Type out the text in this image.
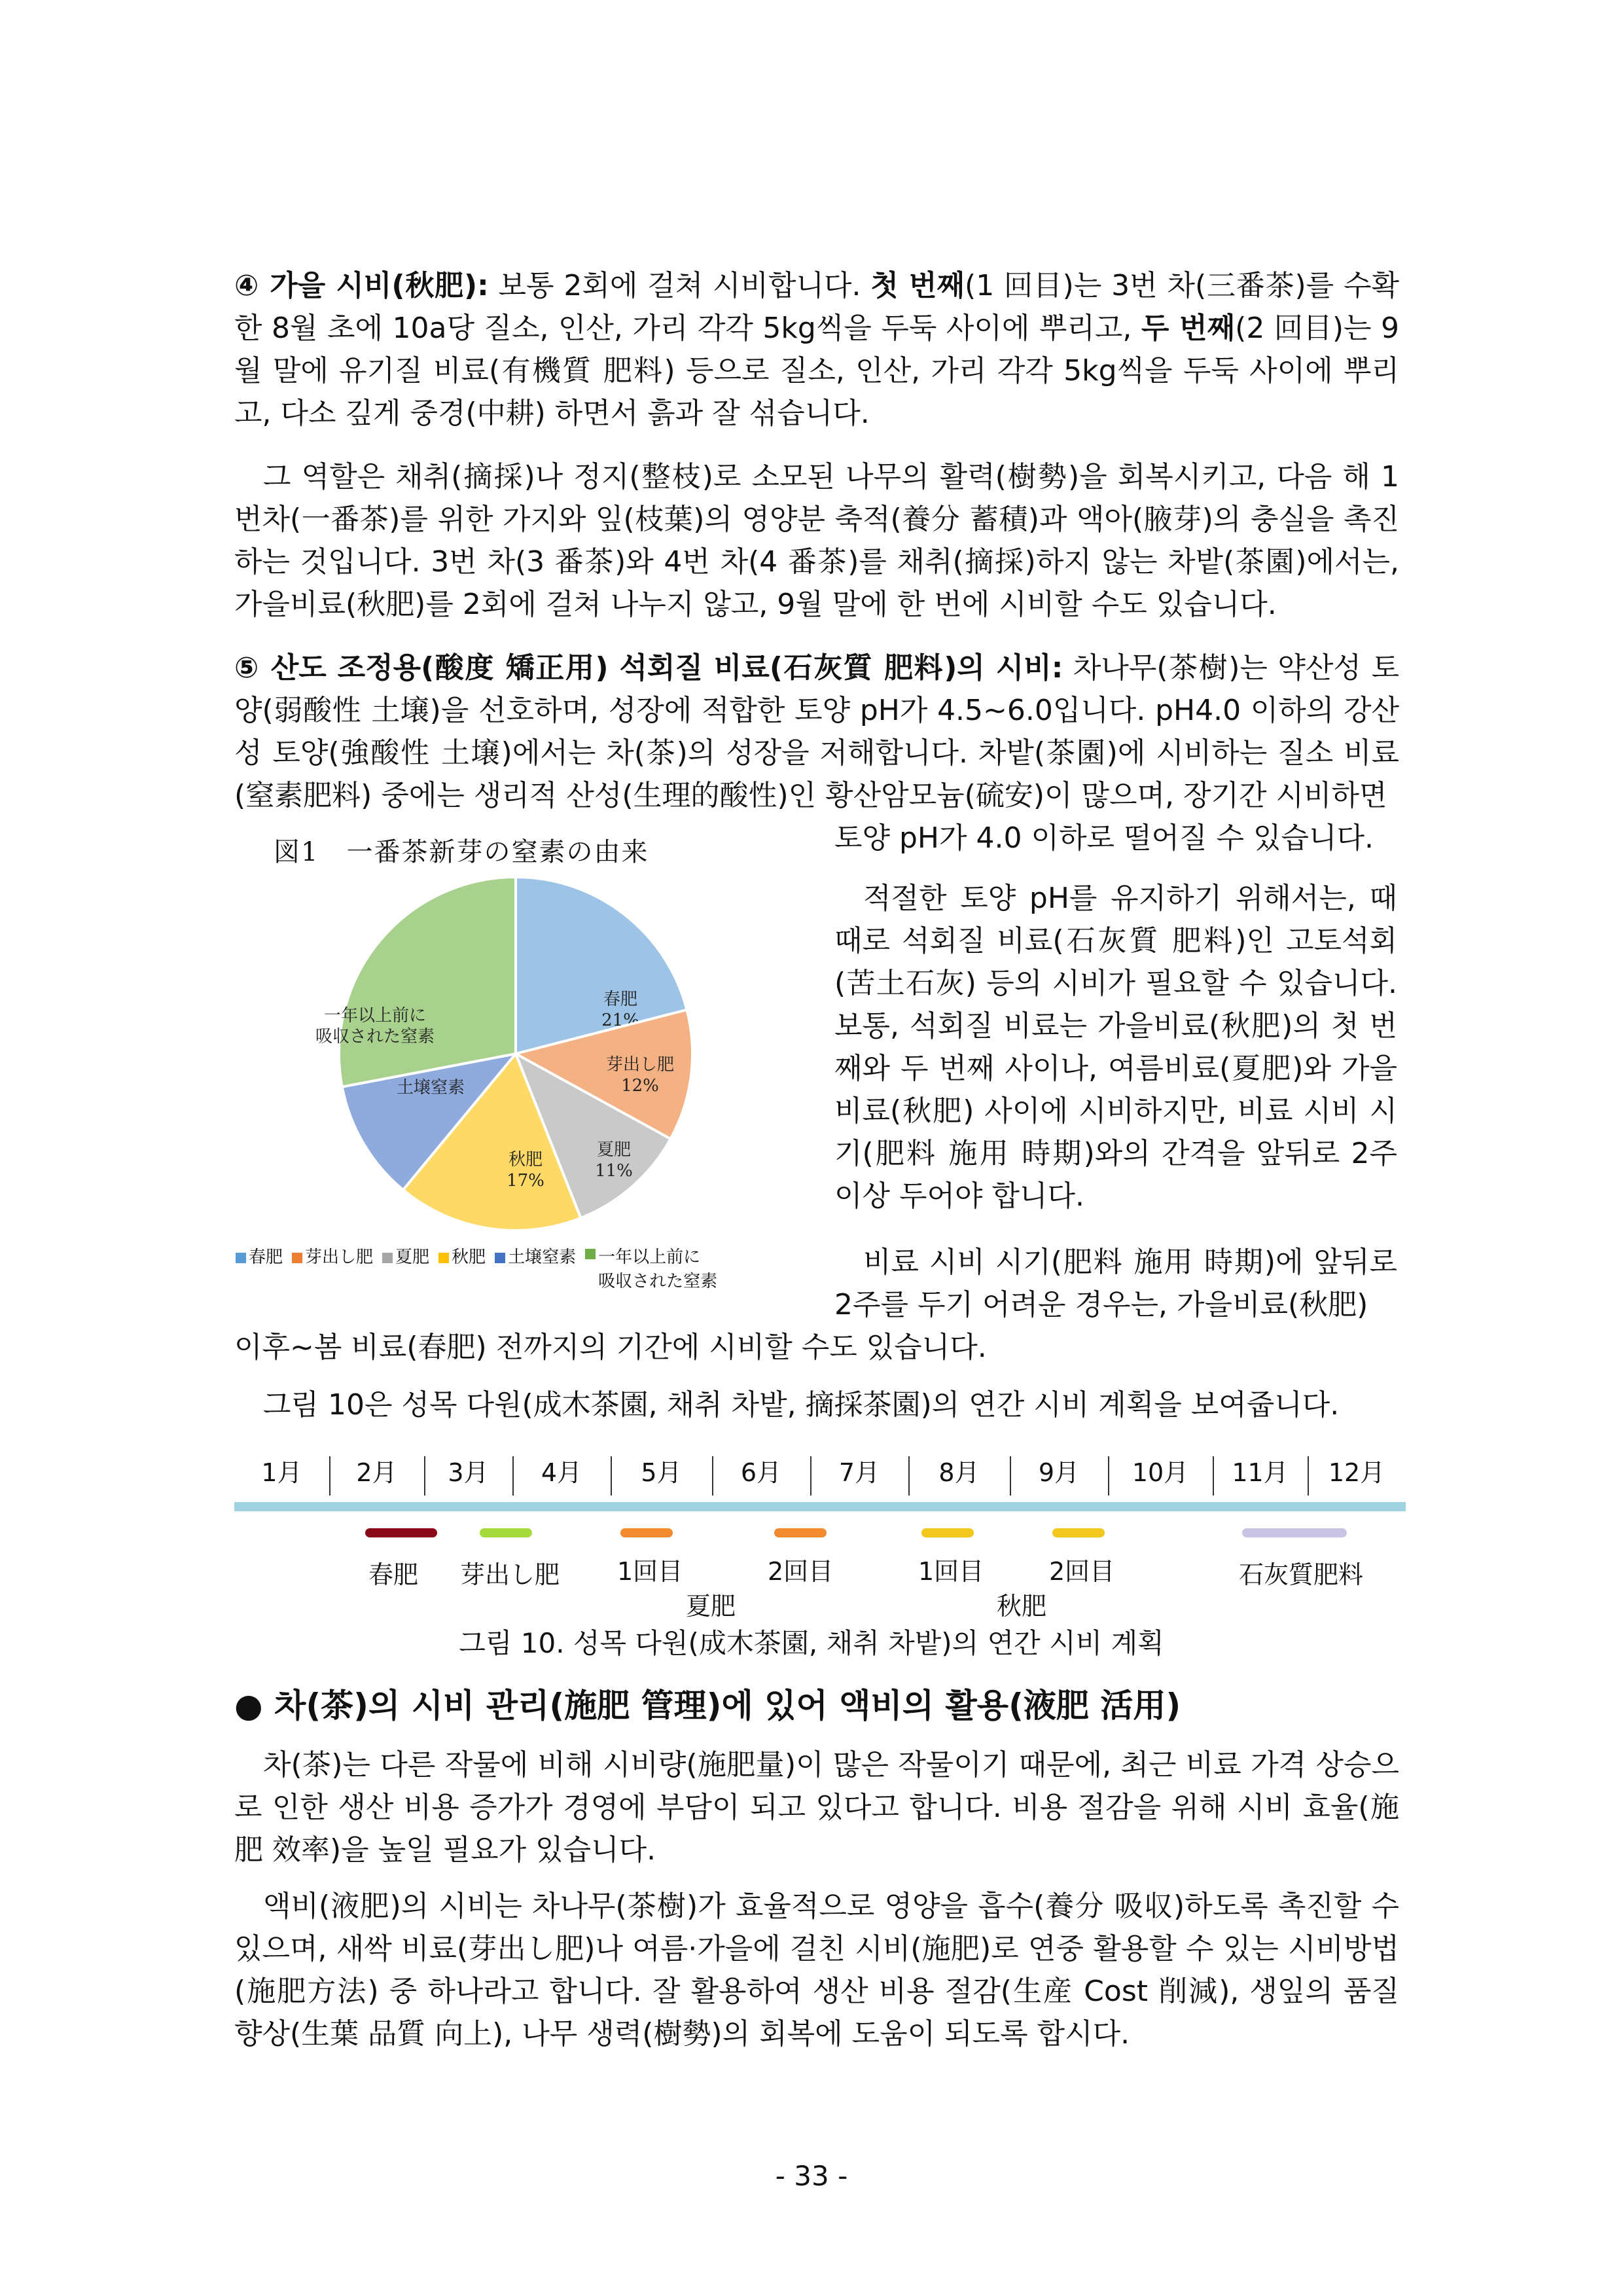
④ 가을 시비(秋肥): 보통 2회에 걸쳐 시비합니다. 첫 번째(1 回目)는 3번 차(三番茶)를 수확한 8월 초에 10a당 질소, 인산, 가리 각각 5kg씩을 두둑 사이에 뿌리고, 두 번째(2 回目)는 9월 말에 유기질 비료(有機質 肥料) 등으로 질소, 인산, 가리 각각 5kg씩을 두둑 사이에 뿌리고, 다소 깊게 중경(中耕) 하면서 흙과 잘 섞습니다.

그 역할은 채취(摘採)나 정지(整枝)로 소모된 나무의 활력(樹勢)을 회복시키고, 다음 해 1번차(一番茶)를 위한 가지와 잎(枝葉)의 영양분 축적(養分 蓄積)과 액아(腋芽)의 충실을 촉진하는 것입니다. 3번 차(3 番茶)와 4번 차(4 番茶)를 채취(摘採)하지 않는 차밭(茶園)에서는, 가을비료(秋肥)를 2회에 걸쳐 나누지 않고, 9월 말에 한 번에 시비할 수도 있습니다.

⑤ 산도 조정용(酸度 矯正用) 석회질 비료(石灰質 肥料)의 시비: 차나무(茶樹)는 약산성 토양(弱酸性 土壌)을 선호하며, 성장에 적합한 토양 pH가 4.5~6.0입니다. pH4.0 이하의 강산성 토양(強酸性 土壌)에서는 차(茶)의 성장을 저해합니다. 차밭(茶園)에 시비하는 질소 비료(窒素肥料) 중에는 생리적 산성(生理的酸性)인 황산암모늄(硫安)이 많으며, 장기간 시비하면

図1　一番茶新芽の窒素の由来
春肥
21%
芽出し肥
12%
夏肥
11%
秋肥
17%
土壌窒素
一年以上前に
吸収された窒素
春肥 芽出し肥 夏肥 秋肥 土壌窒素 一年以上前に
吸収された窒素

토양 pH가 4.0 이하로 떨어질 수 있습니다.

적절한 토양 pH를 유지하기 위해서는, 때때로 석회질 비료(石灰質 肥料)인 고토석회(苦土石灰) 등의 시비가 필요할 수 있습니다. 보통, 석회질 비료는 가을비료(秋肥)의 첫 번째와 두 번째 사이나, 여름비료(夏肥)와 가을비료(秋肥) 사이에 시비하지만, 비료 시비 시기(肥料 施用 時期)와의 간격을 앞뒤로 2주 이상 두어야 합니다.

비료 시비 시기(肥料 施用 時期)에 앞뒤로 2주를 두기 어려운 경우는, 가을비료(秋肥)

이후~봄 비료(春肥) 전까지의 기간에 시비할 수도 있습니다.

그림 10은 성목 다원(成木茶園, 채취 차밭, 摘採茶園)의 연간 시비 계획을 보여줍니다.

1月	2月	3月	4月	5月	6月	7月	8月	9月	10月	11月	12月
春肥 芽出し肥 1回目	2回目	1回目	2回目	石灰質肥料
夏肥	秋肥
그림 10. 성목 다원(成木茶園, 채취 차밭)의 연간 시비 계획
● 차(茶)의 시비 관리(施肥 管理)에 있어 액비의 활용(液肥 活用)

차(茶)는 다른 작물에 비해 시비량(施肥量)이 많은 작물이기 때문에, 최근 비료 가격 상승으로 인한 생산 비용 증가가 경영에 부담이 되고 있다고 합니다. 비용 절감을 위해 시비 효율(施肥 效率)을 높일 필요가 있습니다.

액비(液肥)의 시비는 차나무(茶樹)가 효율적으로 영양을 흡수(養分 吸収)하도록 촉진할 수 있으며, 새싹 비료(芽出し肥)나 여름·가을에 걸친 시비(施肥)로 연중 활용할 수 있는 시비방법(施肥方法) 중 하나라고 합니다. 잘 활용하여 생산 비용 절감(生産 Cost 削減), 생잎의 품질 향상(生葉 品質 向上), 나무 생력(樹勢)의 회복에 도움이 되도록 합시다.

- 33 -
